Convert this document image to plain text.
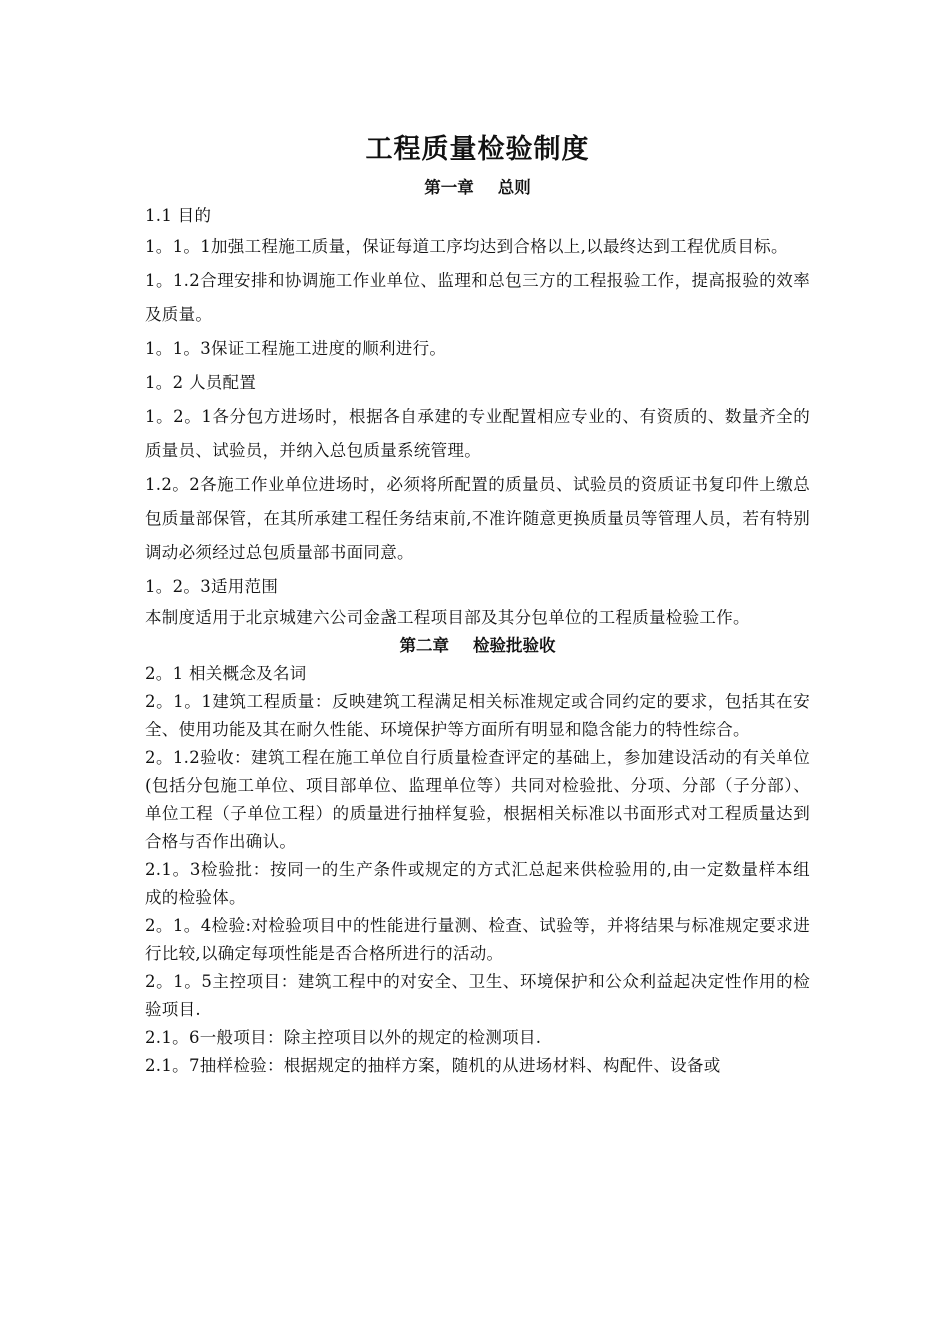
工程质量检验制度
第一章 总则

1.1 目的

1。1。1加强工程施工质量，保证每道工序均达到合格以上,以最终达到工程优质目标。

1。1.2合理安排和协调施工作业单位、监理和总包三方的工程报验工作，提高报验的效率及质量。

1。1。3保证工程施工进度的顺利进行。

1。2 人员配置

1。2。1各分包方进场时，根据各自承建的专业配置相应专业的、有资质的、数量齐全的质量员、试验员，并纳入总包质量系统管理。

1.2。2各施工作业单位进场时，必须将所配置的质量员、试验员的资质证书复印件上缴总包质量部保管，在其所承建工程任务结束前,不准许随意更换质量员等管理人员，若有特别调动必须经过总包质量部书面同意。

1。2。3适用范围

本制度适用于北京城建六公司金盏工程项目部及其分包单位的工程质量检验工作。

第二章 检验批验收

2。1 相关概念及名词

2。1。1建筑工程质量：反映建筑工程满足相关标准规定或合同约定的要求，包括其在安全、使用功能及其在耐久性能、环境保护等方面所有明显和隐含能力的特性综合。

2。1.2验收：建筑工程在施工单位自行质量检查评定的基础上，参加建设活动的有关单位(包括分包施工单位、项目部单位、监理单位等）共同对检验批、分项、分部（子分部）、单位工程（子单位工程）的质量进行抽样复验，根据相关标准以书面形式对工程质量达到合格与否作出确认。

2.1。3检验批：按同一的生产条件或规定的方式汇总起来供检验用的,由一定数量样本组成的检验体。

2。1。4检验:对检验项目中的性能进行量测、检查、试验等，并将结果与标准规定要求进行比较,以确定每项性能是否合格所进行的活动。

2。1。5主控项目：建筑工程中的对安全、卫生、环境保护和公众利益起决定性作用的检验项目.

2.1。6一般项目：除主控项目以外的规定的检测项目.

2.1。7抽样检验：根据规定的抽样方案，随机的从进场材料、构配件、设备或
